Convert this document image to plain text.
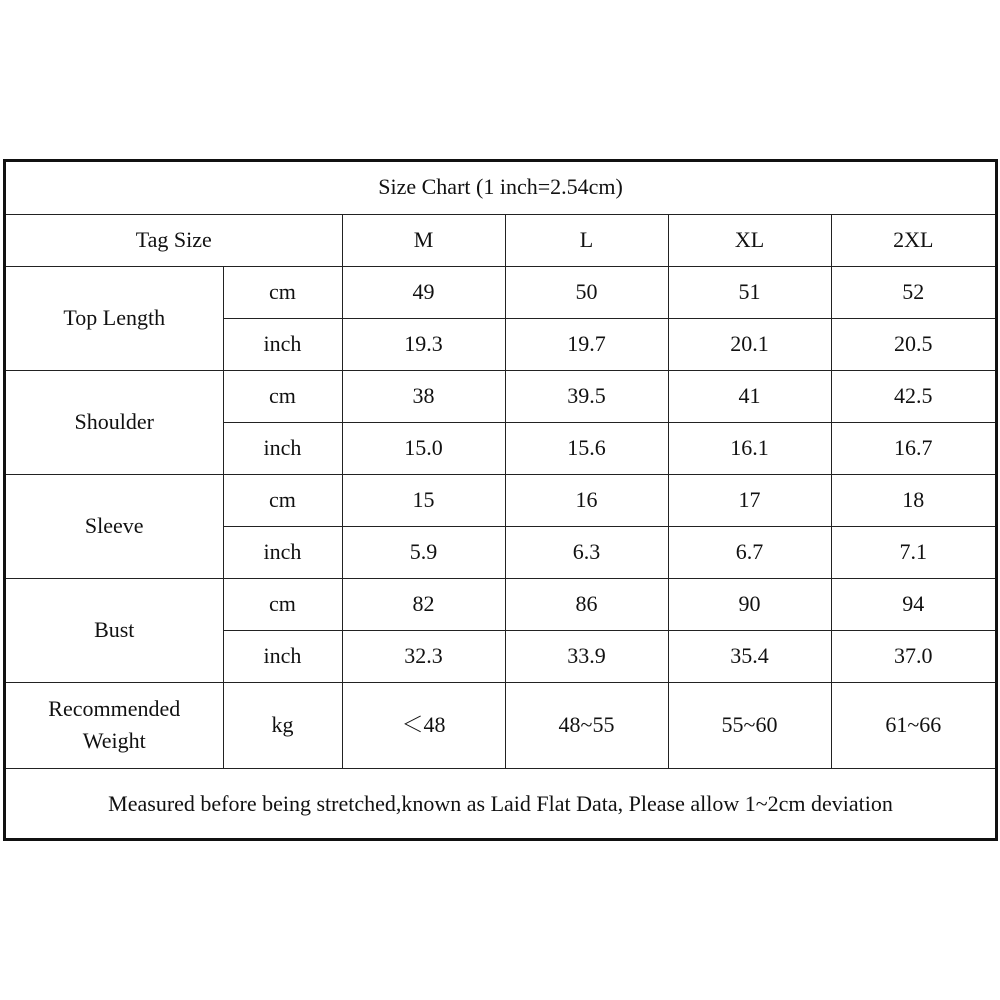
Size Chart (1 inch=2.54cm)					
Tag Size		M	L	XL	2XL
Top Length	cm	49	50	51	52
	inch	19.3	19.7	20.1	20.5
Shoulder	cm	38	39.5	41	42.5
	inch	15.0	15.6	16.1	16.7
Sleeve	cm	15	16	17	18
	inch	5.9	6.3	6.7	7.1
Bust	cm	82	86	90	94
	inch	32.3	33.9	35.4	37.0
Recommended Weight	kg	＜48	48~55	55~60	61~66
Measured before being stretched,known as Laid Flat Data, Please allow 1~2cm deviation					
